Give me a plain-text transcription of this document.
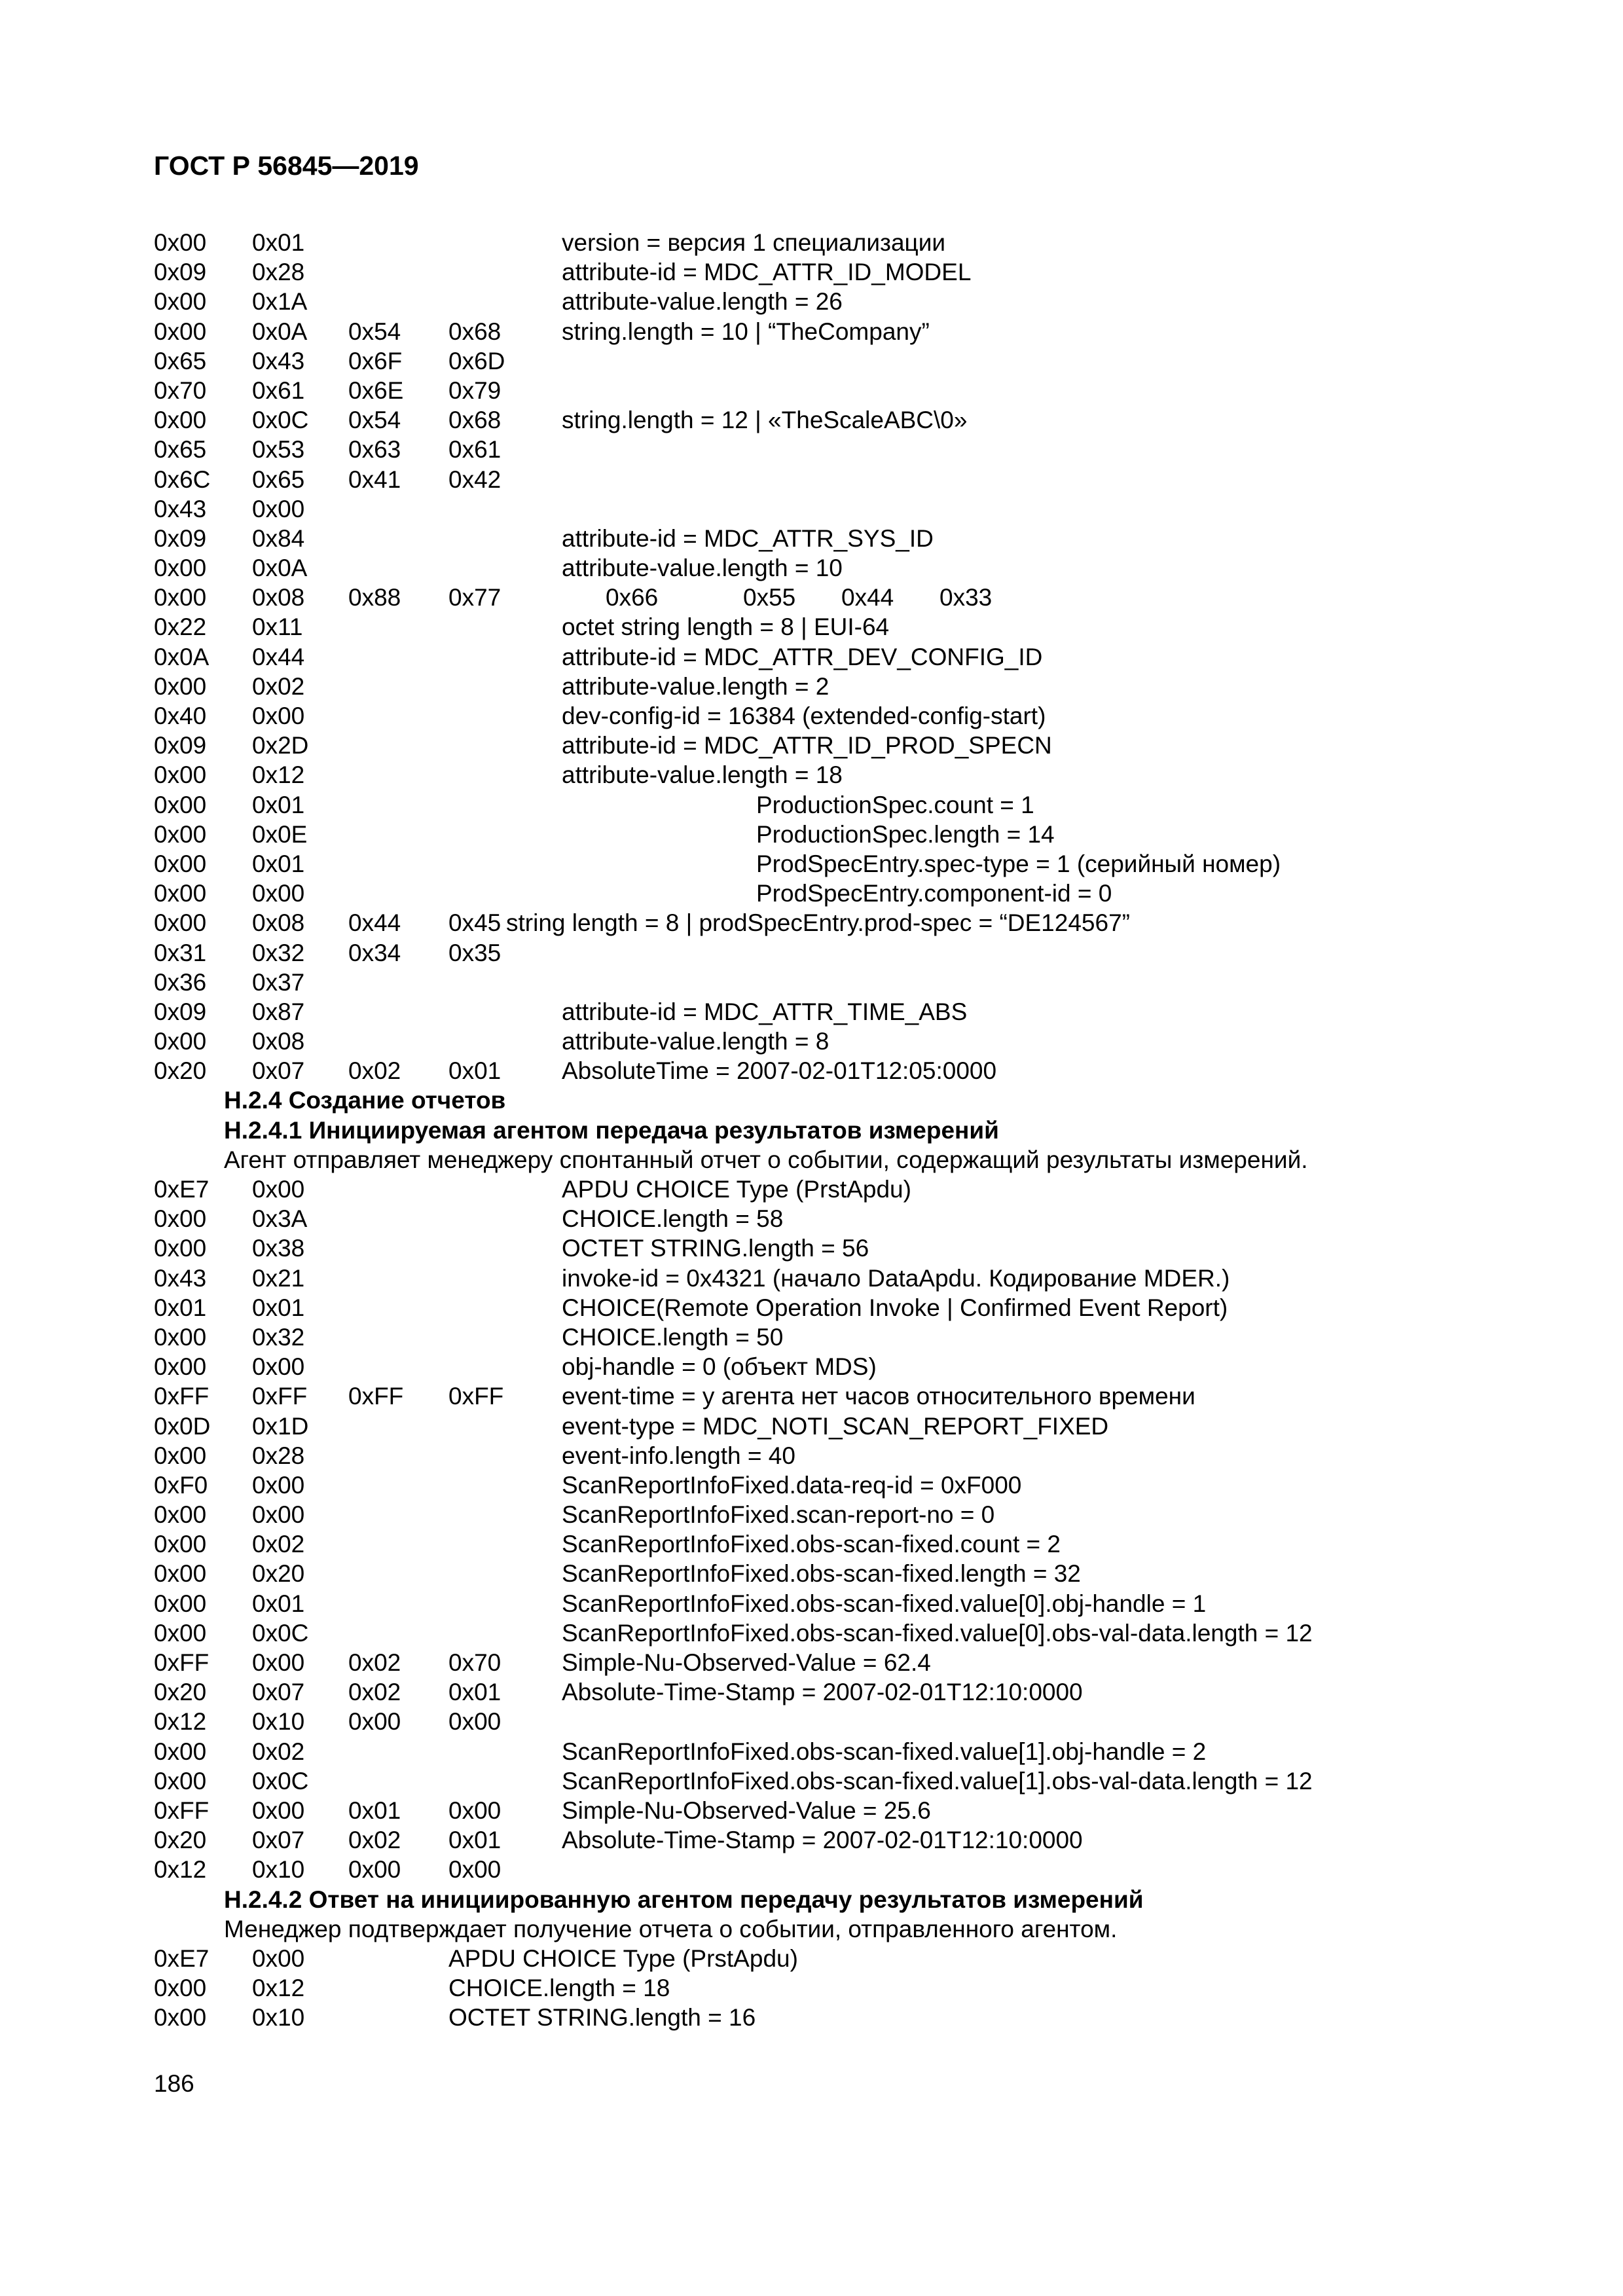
ГОСТ Р 56845—2019
0x00 0x01	version = версия 1 специализации
0x09 0x28	attribute-id = MDC_ATTR_ID_MODEL
0x00 0x1A	attribute-value.length = 26
0x00 0x0A 0x54 0x68	string.length = 10 | “TheCompany”
0x65 0x43 0x6F 0x6D
0x70 0x61 0x6E 0x79
0x00 0x0C 0x54 0x68	string.length = 12 | «TheScaleABC\0»
0x65 0x53 0x63 0x61
0x6C 0x65 0x41 0x42
0x43 0x00
0x09 0x84	attribute-id = MDC_ATTR_SYS_ID
0x00 0x0A	attribute-value.length = 10
0x00 0x08 0x88 0x77	0x66	0x55 0x44 0x33
0x22 0x11	octet string length = 8 | EUI-64
0x0A 0x44	attribute-id = MDC_ATTR_DEV_CONFIG_ID
0x00 0x02	attribute-value.length = 2
0x40 0x00	dev-config-id = 16384 (extended-config-start)
0x09 0x2D	attribute-id = MDC_ATTR_ID_PROD_SPECN
0x00 0x12	attribute-value.length = 18
0x00 0x01	ProductionSpec.count = 1
0x00 0x0E	ProductionSpec.length = 14
0x00 0x01	ProdSpecEntry.spec-type = 1 (серийный номер)
0x00 0x00	ProdSpecEntry.component-id = 0
0x00 0x08 0x44 0x45 string length = 8 | prodSpecEntry.prod-spec = “DE124567”
0x31 0x32 0x34 0x35
0x36 0x37
0x09 0x87	attribute-id = MDC_ATTR_TIME_ABS
0x00 0x08	attribute-value.length = 8
0x20 0x07 0x02 0x01	AbsoluteTime = 2007-02-01T12:05:0000
H.2.4 Создание отчетов
H.2.4.1 Инициируемая агентом передача результатов измерений
Агент отправляет менеджеру спонтанный отчет о событии, содержащий результаты измерений.
0xE7 0x00	APDU CHOICE Type (PrstApdu)
0x00 0x3A	CHOICE.length = 58
0x00 0x38	OCTET STRING.length = 56
0x43 0x21	invoke-id = 0x4321 (начало DataApdu. Кодирование MDER.)
0x01 0x01	CHOICE(Remote Operation Invoke | Confirmed Event Report)
0x00 0x32	CHOICE.length = 50
0x00 0x00	obj-handle = 0 (объект MDS)
0xFF 0xFF 0xFF 0xFF event-time = у агента нет часов относительного времени
0x0D 0x1D	event-type = MDC_NOTI_SCAN_REPORT_FIXED
0x00 0x28	event-info.length = 40
0xF0 0x00	ScanReportInfoFixed.data-req-id = 0xF000
0x00 0x00	ScanReportInfoFixed.scan-report-no = 0
0x00 0x02	ScanReportInfoFixed.obs-scan-fixed.count = 2
0x00 0x20	ScanReportInfoFixed.obs-scan-fixed.length = 32
0x00 0x01	ScanReportInfoFixed.obs-scan-fixed.value[0].obj-handle = 1
0x00 0x0C	ScanReportInfoFixed.obs-scan-fixed.value[0].obs-val-data.length = 12
0xFF 0x00 0x02 0x70	Simple-Nu-Observed-Value = 62.4
0x20 0x07 0x02 0x01	Absolute-Time-Stamp = 2007-02-01T12:10:0000
0x12 0x10 0x00 0x00
0x00 0x02	ScanReportInfoFixed.obs-scan-fixed.value[1].obj-handle = 2
0x00 0x0C	ScanReportInfoFixed.obs-scan-fixed.value[1].obs-val-data.length = 12
0xFF 0x00 0x01 0x00	Simple-Nu-Observed-Value = 25.6
0x20 0x07 0x02 0x01	Absolute-Time-Stamp = 2007-02-01T12:10:0000
0x12 0x10 0x00 0x00
H.2.4.2 Ответ на инициированную агентом передачу результатов измерений
Менеджер подтверждает получение отчета о событии, отправленного агентом.
0xE7 0x00	APDU CHOICE Type (PrstApdu)
0x00 0x12	CHOICE.length = 18
0x00 0x10	OCTET STRING.length = 16
186
